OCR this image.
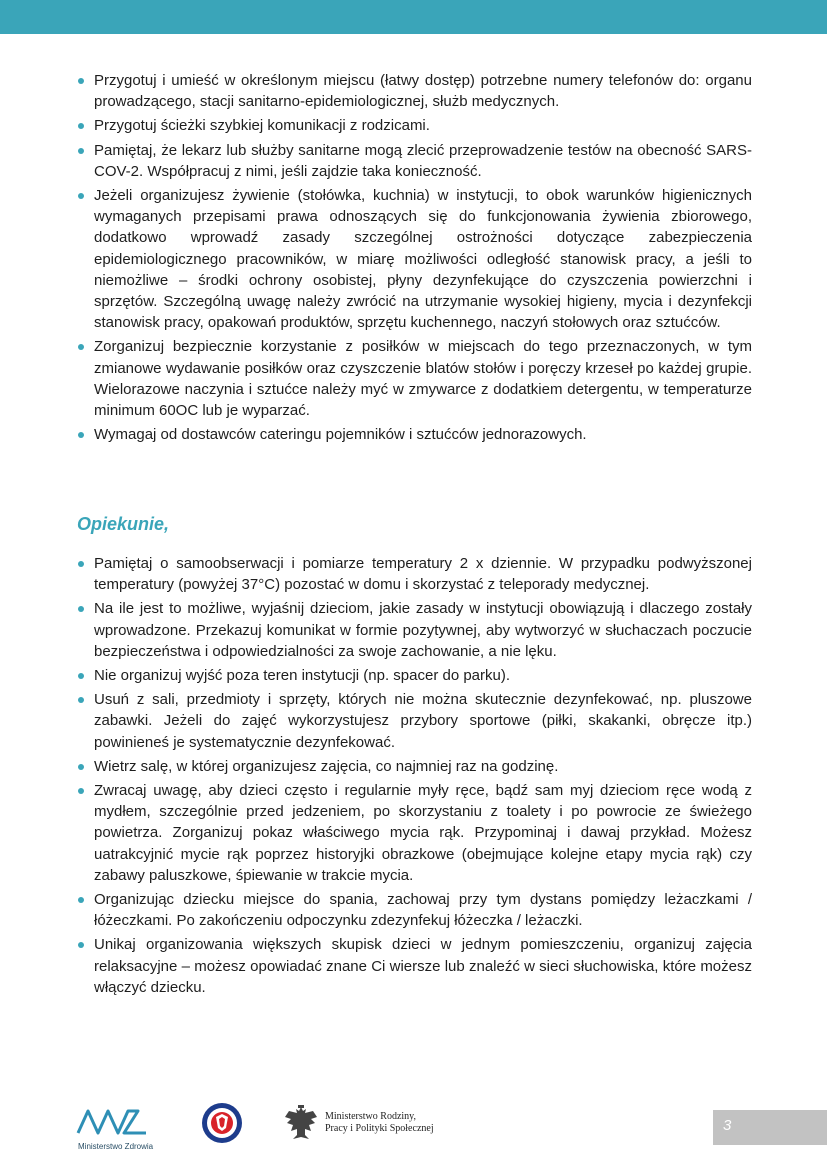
Przygotuj i umieść w określonym miejscu (łatwy dostęp) potrzebne numery telefonów do: organu prowadzącego, stacji sanitarno-epidemiologicznej, służb medycznych.
Przygotuj ścieżki szybkiej komunikacji z rodzicami.
Pamiętaj, że lekarz lub służby sanitarne mogą zlecić przeprowadzenie testów na obecność SARS-COV-2. Współpracuj z nimi, jeśli zajdzie taka konieczność.
Jeżeli organizujesz żywienie (stołówka, kuchnia) w instytucji, to obok warunków higienicznych wymaganych przepisami prawa odnoszących się do funkcjonowania żywienia zbiorowego, dodatkowo wprowadź zasady szczególnej ostrożności dotyczące zabezpieczenia epidemiologicznego pracowników, w miarę możliwości odległość stanowisk pracy, a jeśli to niemożliwe – środki ochrony osobistej, płyny dezynfekujące do czyszczenia powierzchni i sprzętów. Szczególną uwagę należy zwrócić na utrzymanie wysokiej higieny, mycia i dezynfekcji stanowisk pracy, opakowań produktów, sprzętu kuchennego, naczyń stołowych oraz sztućców.
Zorganizuj bezpiecznie korzystanie z posiłków w miejscach do tego przeznaczonych, w tym zmianowe wydawanie posiłków oraz czyszczenie blatów stołów i poręczy krzeseł po każdej grupie. Wielorazowe naczynia i sztućce należy myć w zmywarce z dodatkiem detergentu, w temperaturze minimum 60OC lub je wyparzać.
Wymagaj od dostawców cateringu pojemników i sztućców jednorazowych.
Opiekunie,
Pamiętaj o samoobserwacji i pomiarze temperatury 2 x dziennie. W przypadku podwyższonej temperatury (powyżej 37°C) pozostać w domu i skorzystać z teleporady medycznej.
Na ile jest to możliwe, wyjaśnij dzieciom, jakie zasady w instytucji obowiązują i dlaczego zostały wprowadzone. Przekazuj komunikat w formie pozytywnej, aby wytworzyć w słuchaczach poczucie bezpieczeństwa i odpowiedzialności za swoje zachowanie, a nie lęku.
Nie organizuj wyjść poza teren instytucji (np. spacer do parku).
Usuń z sali, przedmioty i sprzęty, których nie można skutecznie dezynfekować, np. pluszowe zabawki. Jeżeli do zajęć wykorzystujesz przybory sportowe (piłki, skakanki, obręcze itp.) powinieneś je systematycznie dezynfekować.
Wietrz salę, w której organizujesz zajęcia, co najmniej raz na godzinę.
Zwracaj uwagę, aby dzieci często i regularnie myły ręce, bądź sam myj dzieciom ręce wodą z mydłem, szczególnie przed jedzeniem, po skorzystaniu z toalety i po powrocie ze świeżego powietrza. Zorganizuj pokaz właściwego mycia rąk. Przypominaj i dawaj przykład. Możesz uatrakcyjnić mycie rąk poprzez historyjki obrazkowe (obejmujące kolejne etapy mycia rąk) czy zabawy paluszkowe, śpiewanie w trakcie mycia.
Organizując dziecku miejsce do spania, zachowaj przy tym dystans pomiędzy leżaczkami / łóżeczkami. Po zakończeniu odpoczynku zdezynfekuj łóżeczka / leżaczki.
Unikaj organizowania większych skupisk dzieci w jednym pomieszczeniu, organizuj zajęcia relaksacyjne – możesz opowiadać znane Ci wiersze lub znaleźć w sieci słuchowiska, które możesz włączyć dziecku.
Ministerstwo Zdrowia
Ministerstwo Rodziny,
Pracy i Polityki Społecznej	3
